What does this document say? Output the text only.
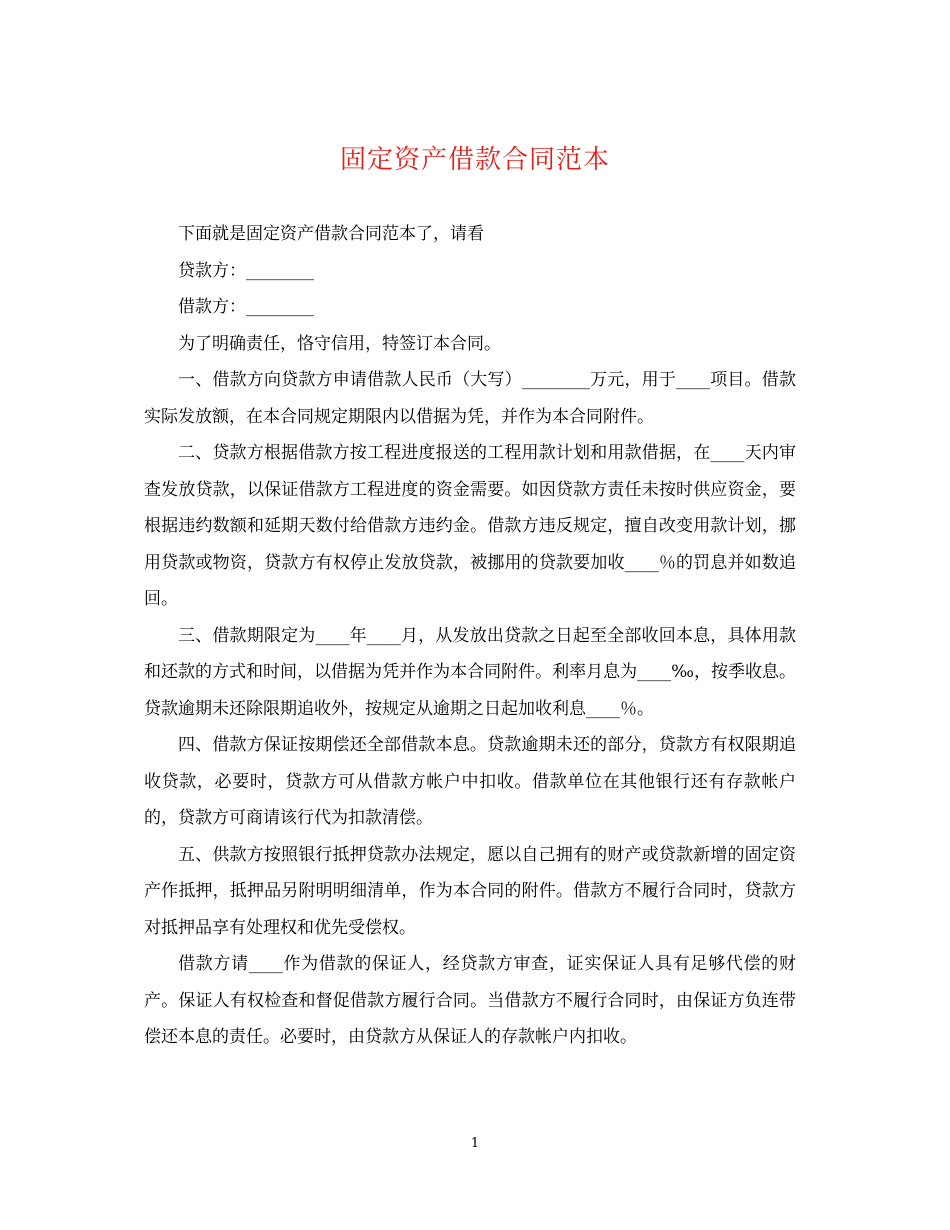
固定资产借款合同范本

下面就是固定资产借款合同范本了，请看

贷款方：________

借款方：________

为了明确责任，恪守信用，特签订本合同。

一、借款方向贷款方申请借款人民币（大写）________万元，用于____项目。借款实际发放额，在本合同规定期限内以借据为凭，并作为本合同附件。

二、贷款方根据借款方按工程进度报送的工程用款计划和用款借据，在____天内审查发放贷款，以保证借款方工程进度的资金需要。如因贷款方责任未按时供应资金，要根据违约数额和延期天数付给借款方违约金。借款方违反规定，擅自改变用款计划，挪用贷款或物资，贷款方有权停止发放贷款，被挪用的贷款要加收____％的罚息并如数追回。

三、借款期限定为____年____月，从发放出贷款之日起至全部收回本息，具体用款和还款的方式和时间，以借据为凭并作为本合同附件。利率月息为____‰，按季收息。贷款逾期未还除限期追收外，按规定从逾期之日起加收利息____％。

四、借款方保证按期偿还全部借款本息。贷款逾期未还的部分，贷款方有权限期追收贷款，必要时，贷款方可从借款方帐户中扣收。借款单位在其他银行还有存款帐户的，贷款方可商请该行代为扣款清偿。

五、供款方按照银行抵押贷款办法规定，愿以自己拥有的财产或贷款新增的固定资产作抵押，抵押品另附明明细清单，作为本合同的附件。借款方不履行合同时，贷款方对抵押品享有处理权和优先受偿权。

借款方请____作为借款的保证人，经贷款方审查，证实保证人具有足够代偿的财产。保证人有权检查和督促借款方履行合同。当借款方不履行合同时，由保证方负连带偿还本息的责任。必要时，由贷款方从保证人的存款帐户内扣收。

1
